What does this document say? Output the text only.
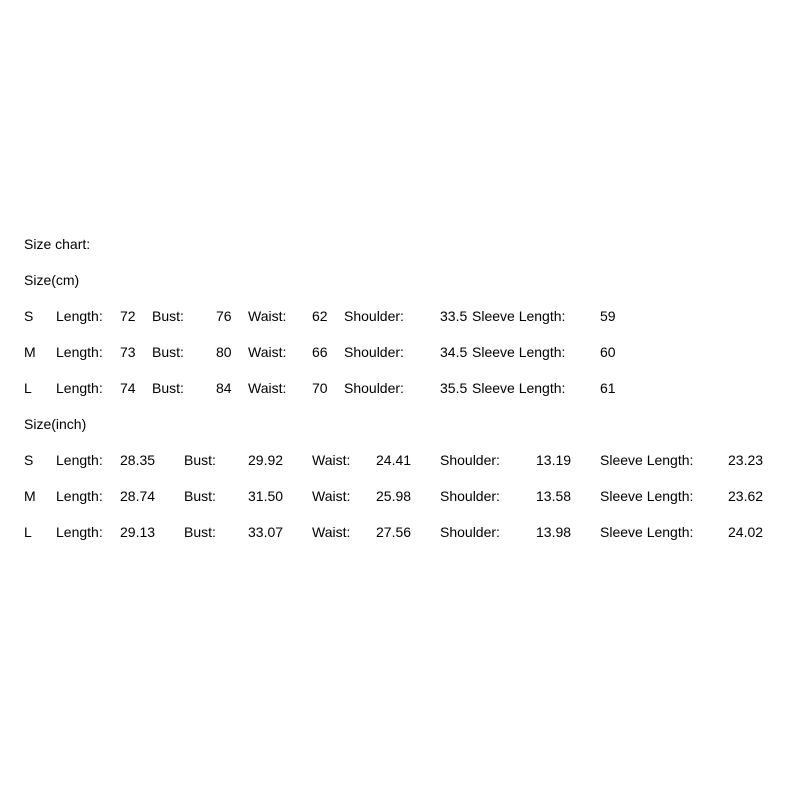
Size chart:
Size(cm)
S Length: 72 Bust: 76 Waist: 62 Shoulder:	33.5 Sleeve Length: 59
M Length: 73 Bust: 80 Waist: 66 Shoulder:	34.5 Sleeve Length: 60
L Length: 74 Bust: 84 Waist: 70 Shoulder:	35.5 Sleeve Length: 61
Size(inch)
S Length: 28.35 Bust: 29.92 Waist: 24.41 Shoulder:	13.19 Sleeve Length: 23.23
M Length: 28.74 Bust: 31.50 Waist: 25.98 Shoulder:	13.58 Sleeve Length: 23.62
L Length: 29.13 Bust: 33.07 Waist: 27.56 Shoulder:	13.98 Sleeve Length: 24.02
